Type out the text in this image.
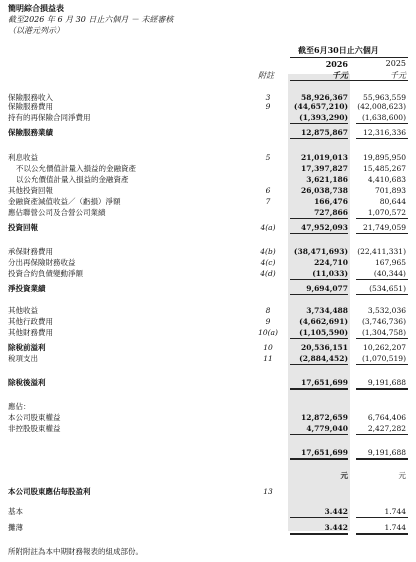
簡明綜合損益表
截至2026 年 6 月 30 日止六個月 － 未經審核
（以港元列示）
截至6月30日止六個月
2026	2025
附註	千元	千元
保險服務收入	3	58,926,367 55,963,559
保險服務費用	9	(44,657,210) (42,008,623)
持有的再保險合同淨費用	(1,393,290) (1,638,600)
保險服務業績	12,875,867 12,316,336
利息收益	5	21,019,013 19,895,950
不以公允價值計量入損益的金融資產	17,397,827 15,485,267
以公允價值計量入損益的金融資產	3,621,186	4,410,683
其他投資回報	6	26,038,738	701,893
金融資產減值收益／（虧損）淨額	7	166,476	80,644
應佔聯營公司及合營公司業績	727,866	1,070,572
投資回報	4(a)	47,952,093 21,749,059
承保財務費用	4(b)	(38,471,693) (22,411,331)
分出再保險財務收益	4(c)	224,710	167,965
投資合約負債變動淨額	4(d)	(11,033)	(40,344)
淨投資業績	9,694,077	(534,651)
其他收益	8	3,734,488	3,532,036
其他行政費用	9	(4,662,691) (3,746,736)
其他財務費用	10(a)	(1,105,590) (1,304,758)
除稅前溢利	10	20,536,151 10,262,207
稅項支出	11	(2,884,452) (1,070,519)
除稅後溢利	17,651,699	9,191,688
應佔：
本公司股東權益	12,872,659	6,764,406
非控股股東權益	4,779,040	2,427,282
17,651,699	9,191,688
元	元
本公司股東應佔每股盈利	13
基本	3.442	1.744
攤薄	3.442	1.744
所附附註為本中期財務報表的組成部份。
